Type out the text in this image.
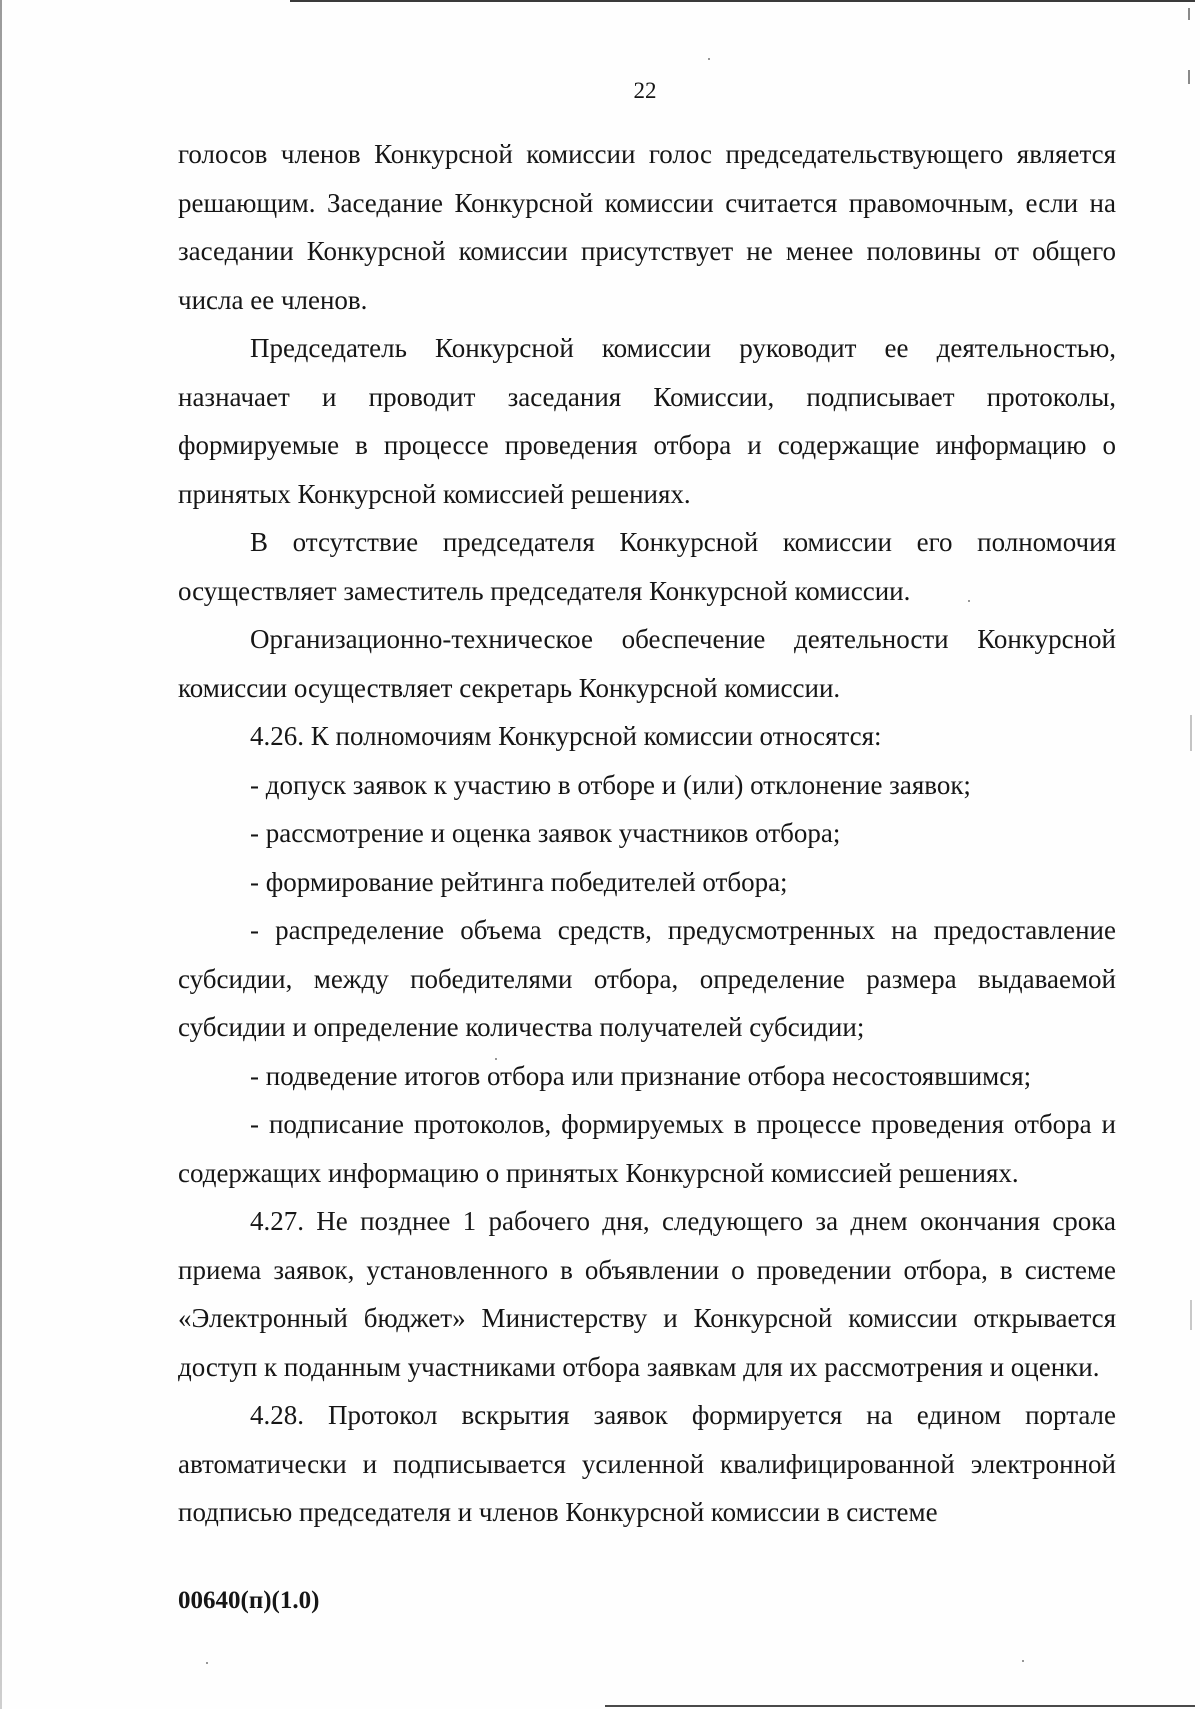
22

голосов членов Конкурсной комиссии голос председательствующего является решающим. Заседание Конкурсной комиссии считается правомочным, если на заседании Конкурсной комиссии присутствует не менее половины от общего числа ее членов.

Председатель Конкурсной комиссии руководит ее деятельностью, назначает и проводит заседания Комиссии, подписывает протоколы, формируемые в процессе проведения отбора и содержащие информацию о принятых Конкурсной комиссией решениях.

В отсутствие председателя Конкурсной комиссии его полномочия осуществляет заместитель председателя Конкурсной комиссии.

Организационно-техническое обеспечение деятельности Конкурсной комиссии осуществляет секретарь Конкурсной комиссии.

4.26. К полномочиям Конкурсной комиссии относятся:

- допуск заявок к участию в отборе и (или) отклонение заявок;

- рассмотрение и оценка заявок участников отбора;

- формирование рейтинга победителей отбора;

- распределение объема средств, предусмотренных на предоставление субсидии, между победителями отбора, определение размера выдаваемой субсидии и определение количества получателей субсидии;

- подведение итогов отбора или признание отбора несостоявшимся;

- подписание протоколов, формируемых в процессе проведения отбора и содержащих информацию о принятых Конкурсной комиссией решениях.

4.27. Не позднее 1 рабочего дня, следующего за днем окончания срока приема заявок, установленного в объявлении о проведении отбора, в системе «Электронный бюджет» Министерству и Конкурсной комиссии открывается доступ к поданным участниками отбора заявкам для их рассмотрения и оценки.

4.28. Протокол вскрытия заявок формируется на едином портале автоматически и подписывается усиленной квалифицированной электронной подписью председателя и членов Конкурсной комиссии в системе

00640(п)(1.0)
